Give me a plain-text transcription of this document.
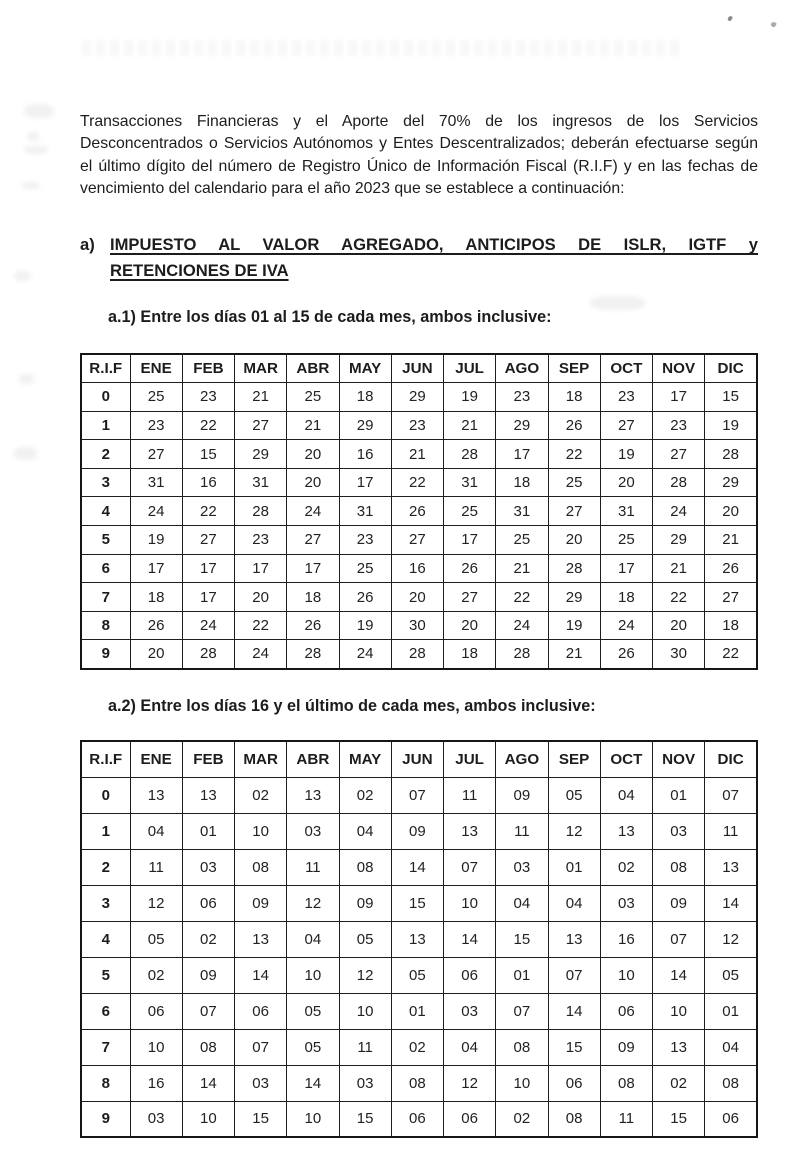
Transacciones Financieras y el Aporte del 70% de los ingresos de los Servicios Desconcentrados o Servicios Autónomos y Entes Descentralizados; deberán efectuarse según el último dígito del número de Registro Único de Información Fiscal (R.I.F) y en las fechas de vencimiento del calendario para el año 2023 que se establece a continuación:

a) IMPUESTO AL VALOR AGREGADO, ANTICIPOS DE ISLR, IGTF y
RETENCIONES DE IVA
a.1) Entre los días 01 al 15 de cada mes, ambos inclusive:
R.I.F	ENE	FEB	MAR	ABR	MAY	JUN	JUL	AGO	SEP	OCT	NOV	DIC
0	25	23	21	25	18	29	19	23	18	23	17	15
1	23	22	27	21	29	23	21	29	26	27	23	19
2	27	15	29	20	16	21	28	17	22	19	27	28
3	31	16	31	20	17	22	31	18	25	20	28	29
4	24	22	28	24	31	26	25	31	27	31	24	20
5	19	27	23	27	23	27	17	25	20	25	29	21
6	17	17	17	17	25	16	26	21	28	17	21	26
7	18	17	20	18	26	20	27	22	29	18	22	27
8	26	24	22	26	19	30	20	24	19	24	20	18
9	20	28	24	28	24	28	18	28	21	26	30	22
a.2) Entre los días 16 y el último de cada mes, ambos inclusive:
R.I.F	ENE	FEB	MAR	ABR	MAY	JUN	JUL	AGO	SEP	OCT	NOV	DIC
0	13	13	02	13	02	07	11	09	05	04	01	07
1	04	01	10	03	04	09	13	11	12	13	03	11
2	11	03	08	11	08	14	07	03	01	02	08	13
3	12	06	09	12	09	15	10	04	04	03	09	14
4	05	02	13	04	05	13	14	15	13	16	07	12
5	02	09	14	10	12	05	06	01	07	10	14	05
6	06	07	06	05	10	01	03	07	14	06	10	01
7	10	08	07	05	11	02	04	08	15	09	13	04
8	16	14	03	14	03	08	12	10	06	08	02	08
9	03	10	15	10	15	06	06	02	08	11	15	06
